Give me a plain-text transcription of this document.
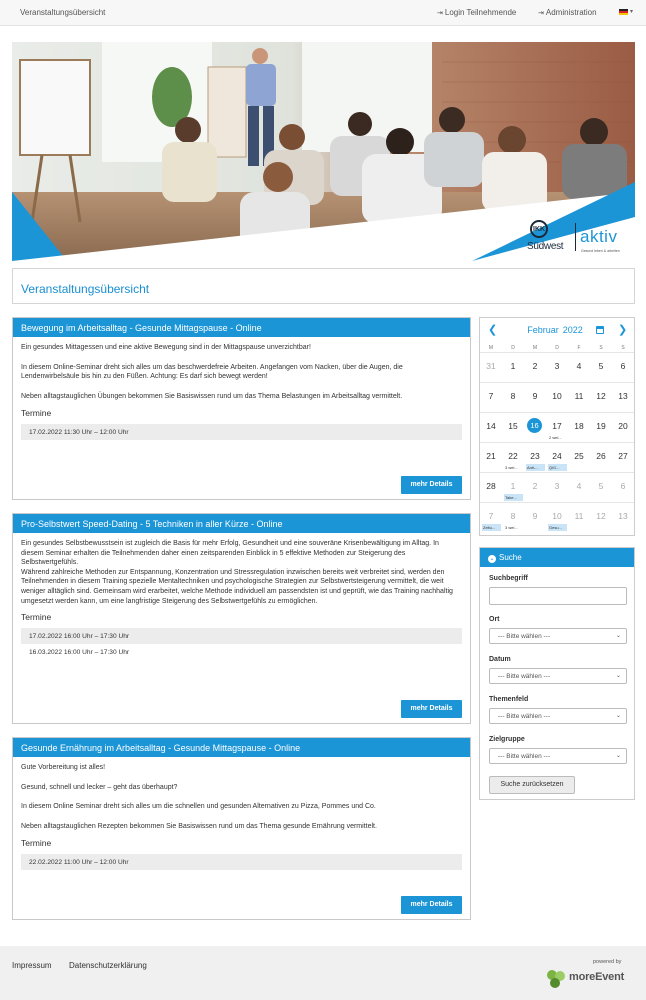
Veranstaltungsübersicht	⇥ Login Teilnehmende	⇥ Administration	▾
IKK
Südwest
aktiv
Gesund leben & arbeiten
Veranstaltungsübersicht
Bewegung im Arbeitsalltag - Gesunde Mittagspause - Online

Ein gesundes Mittagessen und eine aktive Bewegung sind in der Mittagspause unverzichtbar!

In diesem Online-Seminar dreht sich alles um das beschwerdefreie Arbeiten. Angefangen vom Nacken, über die Augen, die Lendenwirbelsäule bis hin zu den Füßen. Achtung: Es darf sich bewegt werden!

Neben alltagstauglichen Übungen bekommen Sie Basiswissen rund um das Thema Belastungen im Arbeitsalltag vermittelt.

Termine
17.02.2022 11:30 Uhr – 12:00 Uhr
mehr Details
Pro-Selbstwert Speed-Dating - 5 Techniken in aller Kürze - Online

Ein gesundes Selbstbewusstsein ist zugleich die Basis für mehr Erfolg, Gesundheit und eine souveräne Krisenbewältigung im Alltag. In diesem Seminar erhalten die Teilnehmenden daher einen zeitsparenden Einblick in 5 effektive Methoden zur Steigerung des Selbstwertgefühls.
Während zahlreiche Methoden zur Entspannung, Konzentration und Stressregulation inzwischen bereits weit verbreitet sind, werden den Teilnehmenden in diesem Training spezielle Mentaltechniken und psychologische Strategien zur Selbstwertsteigerung vermittelt, die weit weniger alltäglich sind. Gemeinsam wird erarbeitet, welche Methode individuell am passendsten ist und geprüft, wie das Training nachhaltig umgesetzt werden kann, um eine langfristige Steigerung des Selbstwertgefühls zu ermöglichen.

Termine
17.02.2022 16:00 Uhr – 17:30 Uhr
16.03.2022 16:00 Uhr – 17:30 Uhr
mehr Details
Gesunde Ernährung im Arbeitsalltag - Gesunde Mittagspause - Online

Gute Vorbereitung ist alles!

Gesund, schnell und lecker – geht das überhaupt?

In diesem Online Seminar dreht sich alles um die schnellen und gesunden Alternativen zu Pizza, Pommes und Co.

Neben alltagstauglichen Rezepten bekommen Sie Basiswissen rund um das Thema gesunde Ernährung vermittelt.

Termine
22.02.2022 11:00 Uhr – 12:00 Uhr
mehr Details
❮	Februar 2022	❯
M	D	M	D	F	S	S
31	1	2	3	4	5	6
7	8	9	10	11	12	13
14	15	16	17
2 wei...
18	19	20
21	22
3 wei...
23
Anti-...
24
QiG...
25	26	27
28	1
Take...
2	3	4	5	6
7
Zeitu...
8
3 wei...
9	10
Gesu...
11	12	13
⌄ Suche
Suchbegriff
Ort
--- Bitte wählen ---	⌄
Datum
--- Bitte wählen ---	⌄
Themenfeld
--- Bitte wählen ---	⌄
Zielgruppe
--- Bitte wählen ---	⌄
Suche zurücksetzen
Impressum Datenschutzerklärung	powered by
moreEvent
